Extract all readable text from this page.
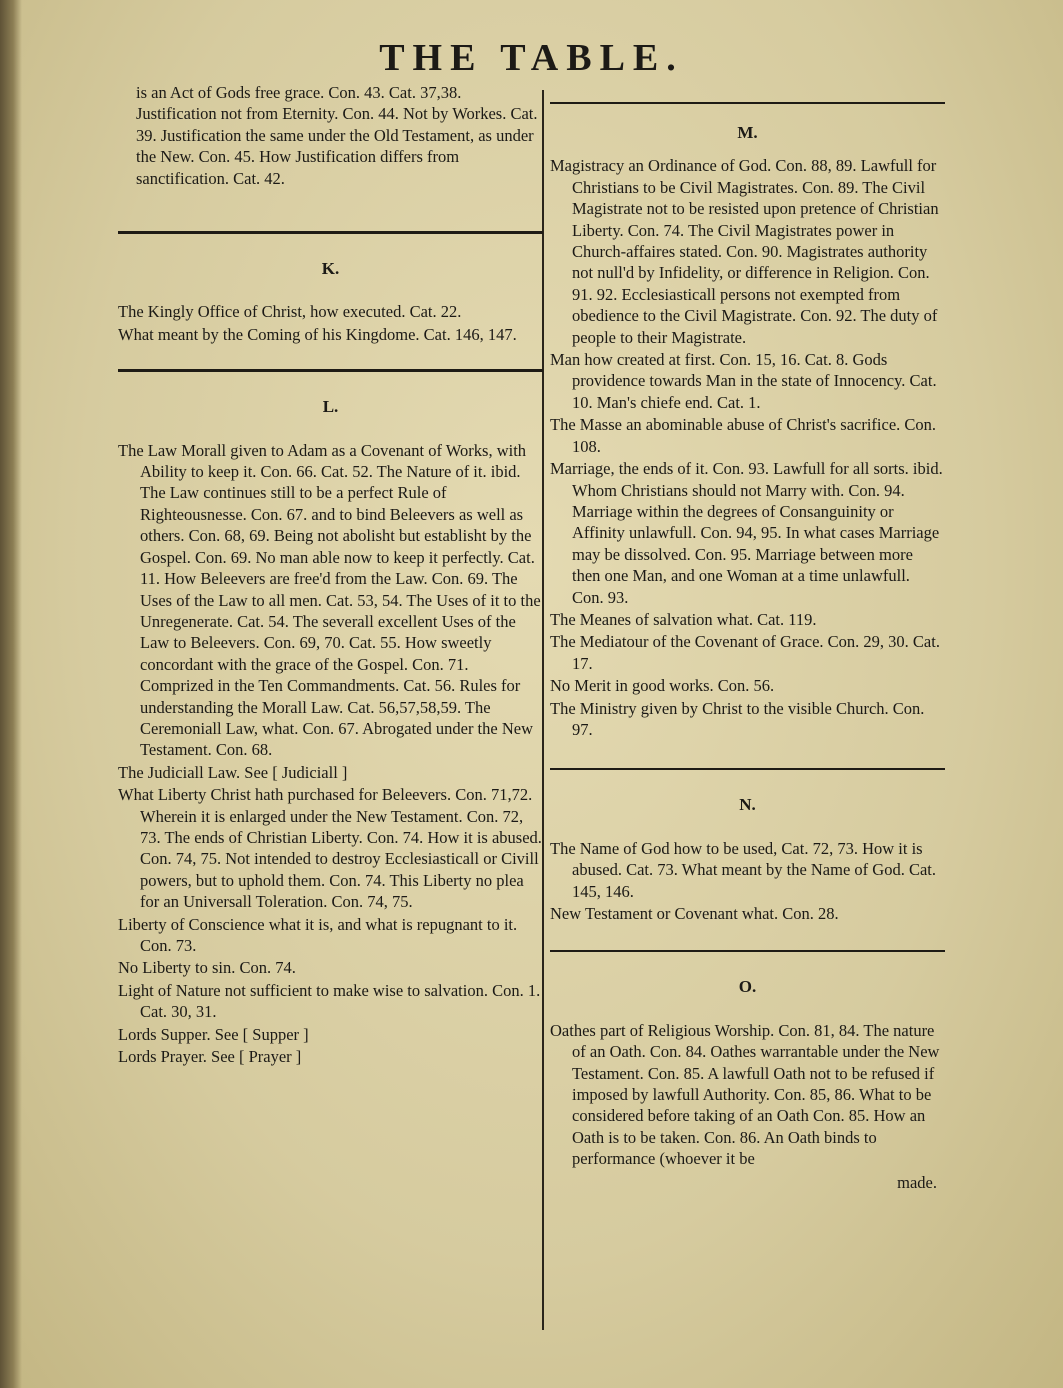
THE TABLE.
is an Act of Gods free grace. Con. 43. Cat. 37,38. Justification not from Eternity. Con. 44. Not by Workes. Cat. 39. Justification the same under the Old Testament, as under the New. Con. 45. How Justification differs from sanctification. Cat. 42.
K.
The Kingly Office of Christ, how executed. Cat. 22.
What meant by the Coming of his Kingdome. Cat. 146, 147.
L.
The Law Morall given to Adam as a Covenant of Works, with Ability to keep it. Con. 66. Cat. 52. The Nature of it. ibid. The Law continues still to be a perfect Rule of Righteousnesse. Con. 67. and to bind Beleevers as well as others. Con. 68, 69. Being not abolisht but establisht by the Gospel. Con. 69. No man able now to keep it perfectly. Cat. 11. How Beleevers are free'd from the Law. Con. 69. The Uses of the Law to all men. Cat. 53, 54. The Uses of it to the Unregenerate. Cat. 54. The severall excellent Uses of the Law to Beleevers. Con. 69, 70. Cat. 55. How sweetly concordant with the grace of the Gospel. Con. 71. Comprized in the Ten Commandments. Cat. 56. Rules for understanding the Morall Law. Cat. 56,57,58,59. The Ceremoniall Law, what. Con. 67. Abrogated under the New Testament. Con. 68.
The Judiciall Law. See [ Judiciall ]
What Liberty Christ hath purchased for Beleevers. Con. 71,72. Wherein it is enlarged under the New Testament. Con. 72, 73. The ends of Christian Liberty. Con. 74. How it is abused. Con. 74, 75. Not intended to destroy Ecclesiasticall or Civill powers, but to uphold them. Con. 74. This Liberty no plea for an Universall Toleration. Con. 74, 75.
Liberty of Conscience what it is, and what is repugnant to it. Con. 73.
No Liberty to sin. Con. 74.
Light of Nature not sufficient to make wise to salvation. Con. 1. Cat. 30, 31.
Lords Supper. See [ Supper ]
Lords Prayer. See [ Prayer ]
M.
Magistracy an Ordinance of God. Con. 88, 89. Lawfull for Christians to be Civil Magistrates. Con. 89. The Civil Magistrate not to be resisted upon pretence of Christian Liberty. Con. 74. The Civil Magistrates power in Church-affaires stated. Con. 90. Magistrates authority not null'd by Infidelity, or difference in Religion. Con. 91. 92. Ecclesiasticall persons not exempted from obedience to the Civil Magistrate. Con. 92. The duty of people to their Magistrate.
Man how created at first. Con. 15, 16. Cat. 8. Gods providence towards Man in the state of Innocency. Cat. 10. Man's chiefe end. Cat. 1.
The Masse an abominable abuse of Christ's sacrifice. Con. 108.
Marriage, the ends of it. Con. 93. Lawfull for all sorts. ibid. Whom Christians should not Marry with. Con. 94. Marriage within the degrees of Consanguinity or Affinity unlawfull. Con. 94, 95. In what cases Marriage may be dissolved. Con. 95. Marriage between more then one Man, and one Woman at a time unlawfull. Con. 93.
The Meanes of salvation what. Cat. 119.
The Mediatour of the Covenant of Grace. Con. 29, 30. Cat. 17.
No Merit in good works. Con. 56.
The Ministry given by Christ to the visible Church. Con. 97.
N.
The Name of God how to be used, Cat. 72, 73. How it is abused. Cat. 73. What meant by the Name of God. Cat. 145, 146.
New Testament or Covenant what. Con. 28.
O.
Oathes part of Religious Worship. Con. 81, 84. The nature of an Oath. Con. 84. Oathes warrantable under the New Testament. Con. 85. A lawfull Oath not to be refused if imposed by lawfull Authority. Con. 85, 86. What to be considered before taking of an Oath Con. 85. How an Oath is to be taken. Con. 86. An Oath binds to performance (whoever it be
made.
